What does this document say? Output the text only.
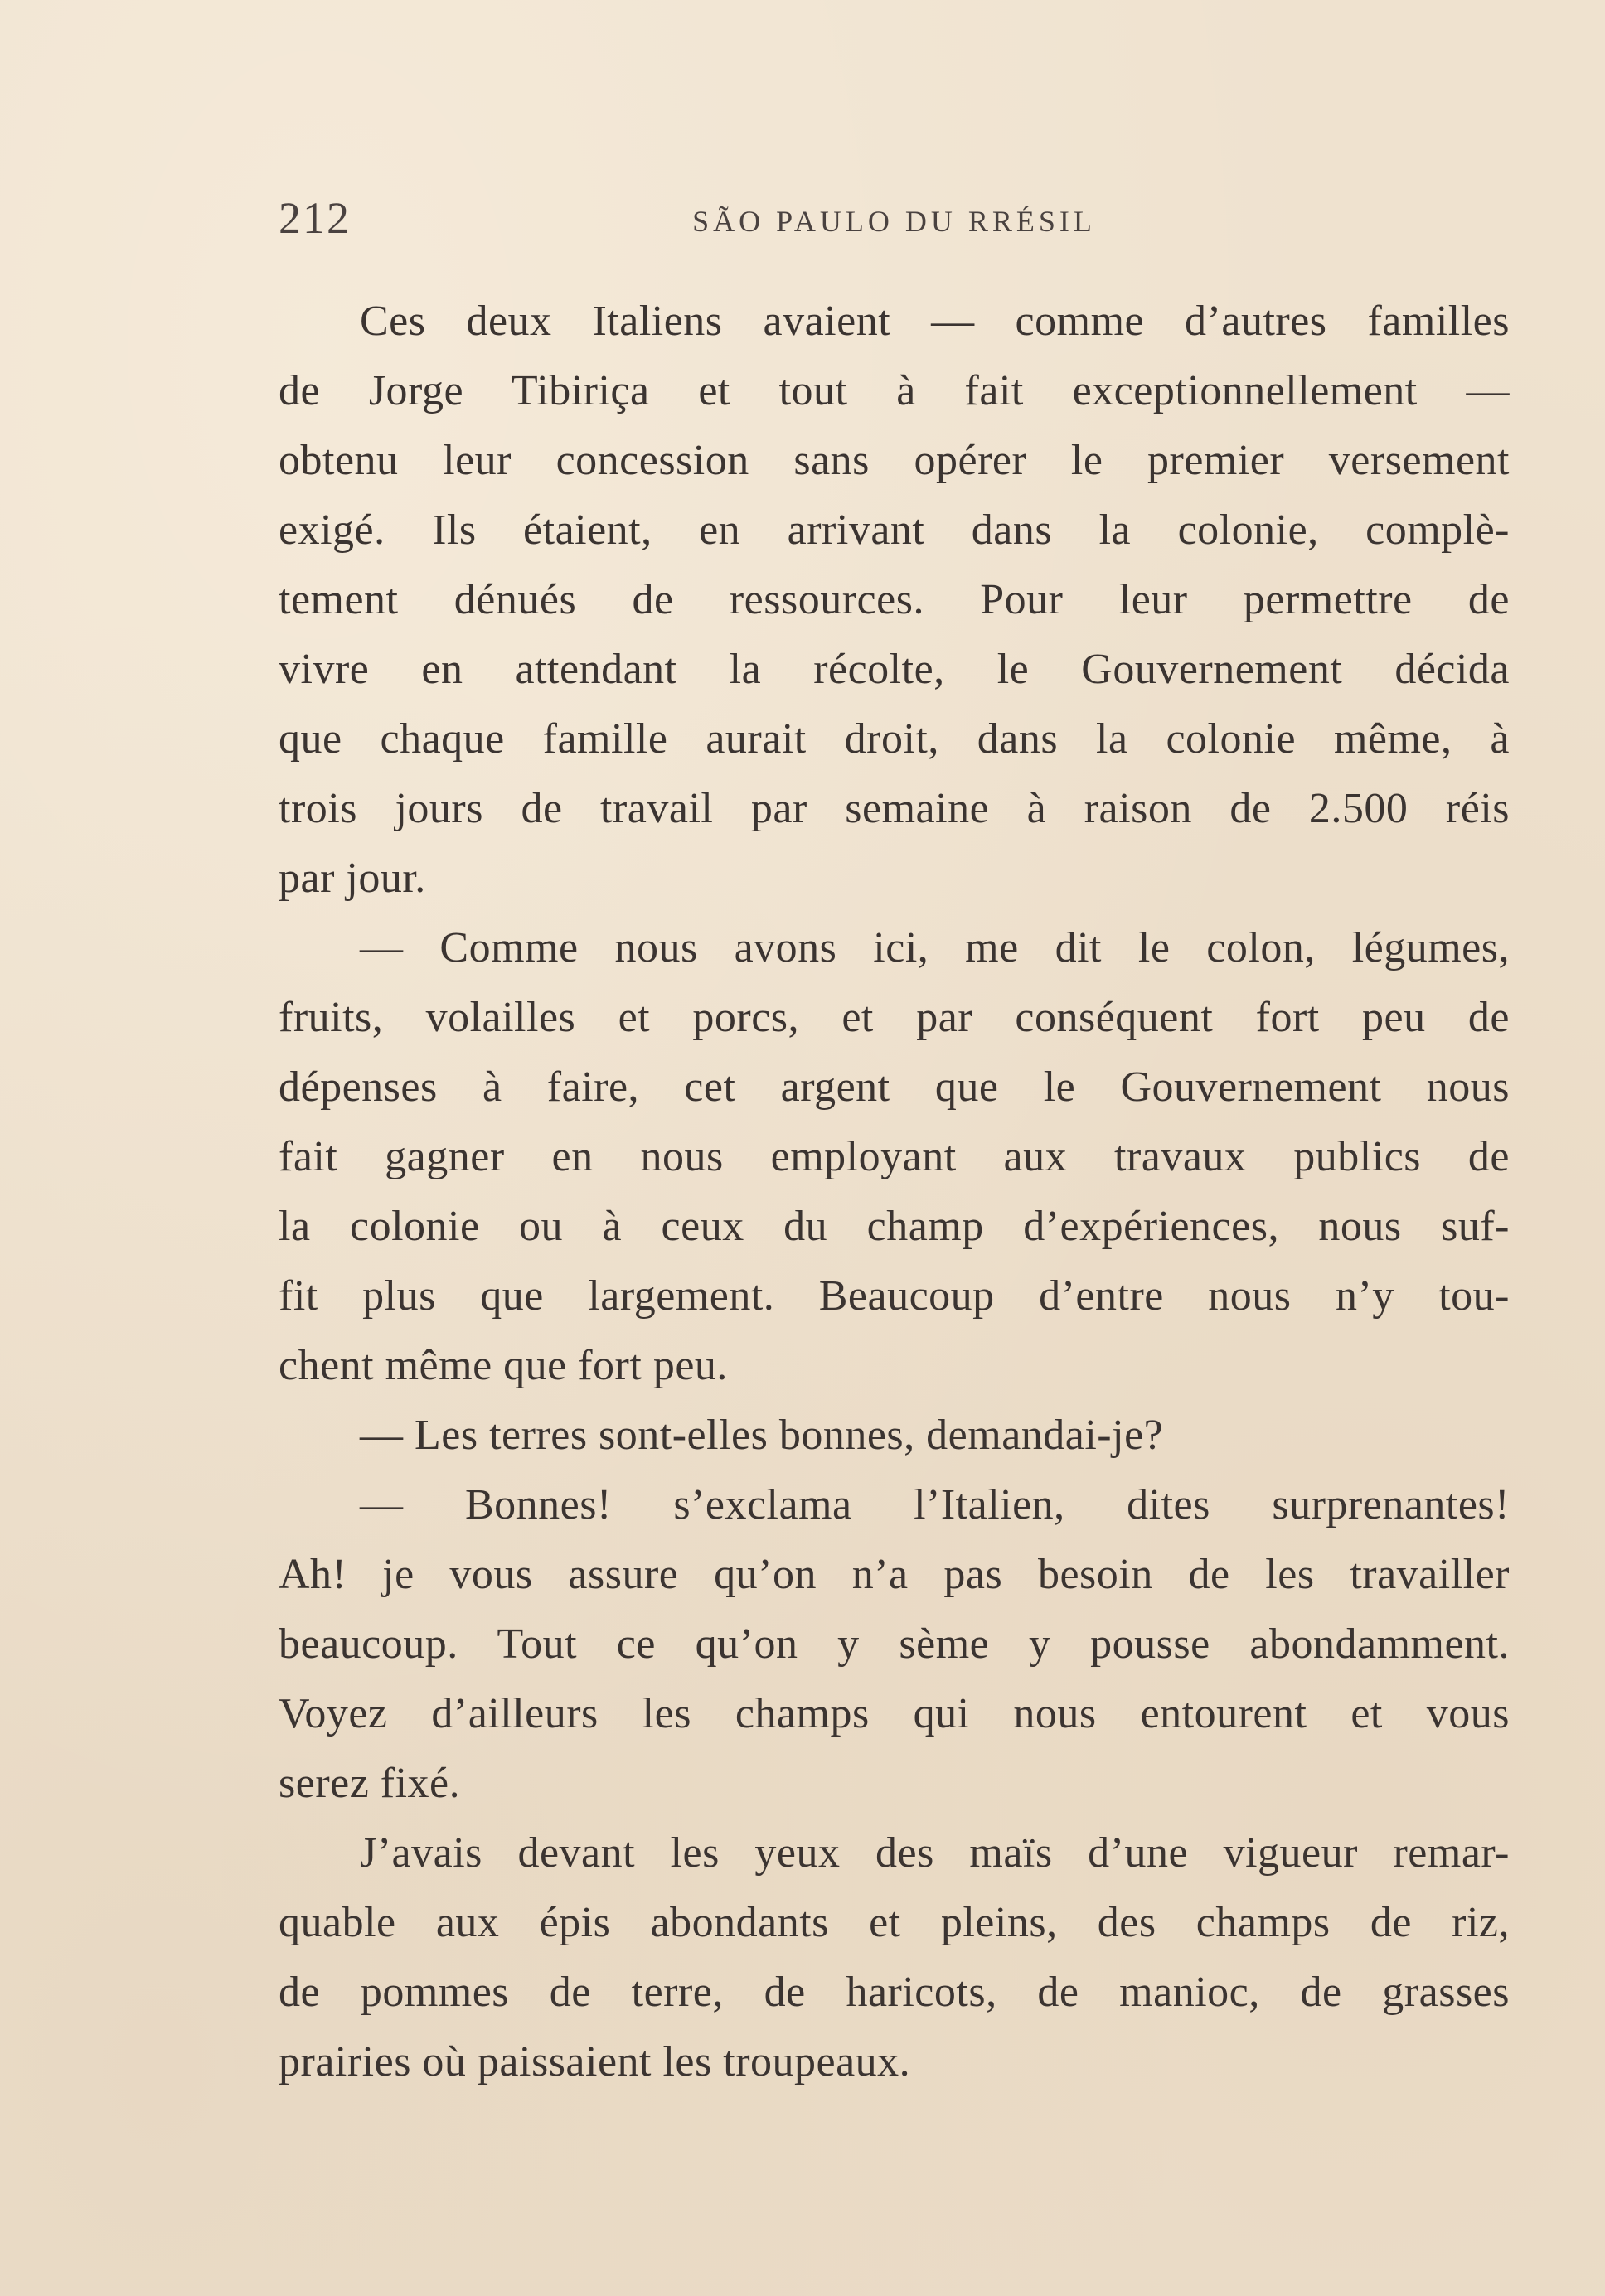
212	SÃO PAULO DU RRÉSIL
Ces deux Italiens avaient — comme d’autres familles
de Jorge Tibiriça et tout à fait exceptionnellement —
obtenu leur concession sans opérer le premier versement
exigé. Ils étaient, en arrivant dans la colonie, complè-
tement dénués de ressources. Pour leur permettre de
vivre en attendant la récolte, le Gouvernement décida
que chaque famille aurait droit, dans la colonie même, à
trois jours de travail par semaine à raison de 2.500 réis
par jour.
— Comme nous avons ici, me dit le colon, légumes,
fruits, volailles et porcs, et par conséquent fort peu de
dépenses à faire, cet argent que le Gouvernement nous
fait gagner en nous employant aux travaux publics de
la colonie ou à ceux du champ d’expériences, nous suf-
fit plus que largement. Beaucoup d’entre nous n’y tou-
chent même que fort peu.
— Les terres sont-elles bonnes, demandai-je?
— Bonnes! s’exclama l’Italien, dites surprenantes!
Ah! je vous assure qu’on n’a pas besoin de les travailler
beaucoup. Tout ce qu’on y sème y pousse abondamment.
Voyez d’ailleurs les champs qui nous entourent et vous
serez fixé.
J’avais devant les yeux des maïs d’une vigueur remar-
quable aux épis abondants et pleins, des champs de riz,
de pommes de terre, de haricots, de manioc, de grasses
prairies où paissaient les troupeaux.
